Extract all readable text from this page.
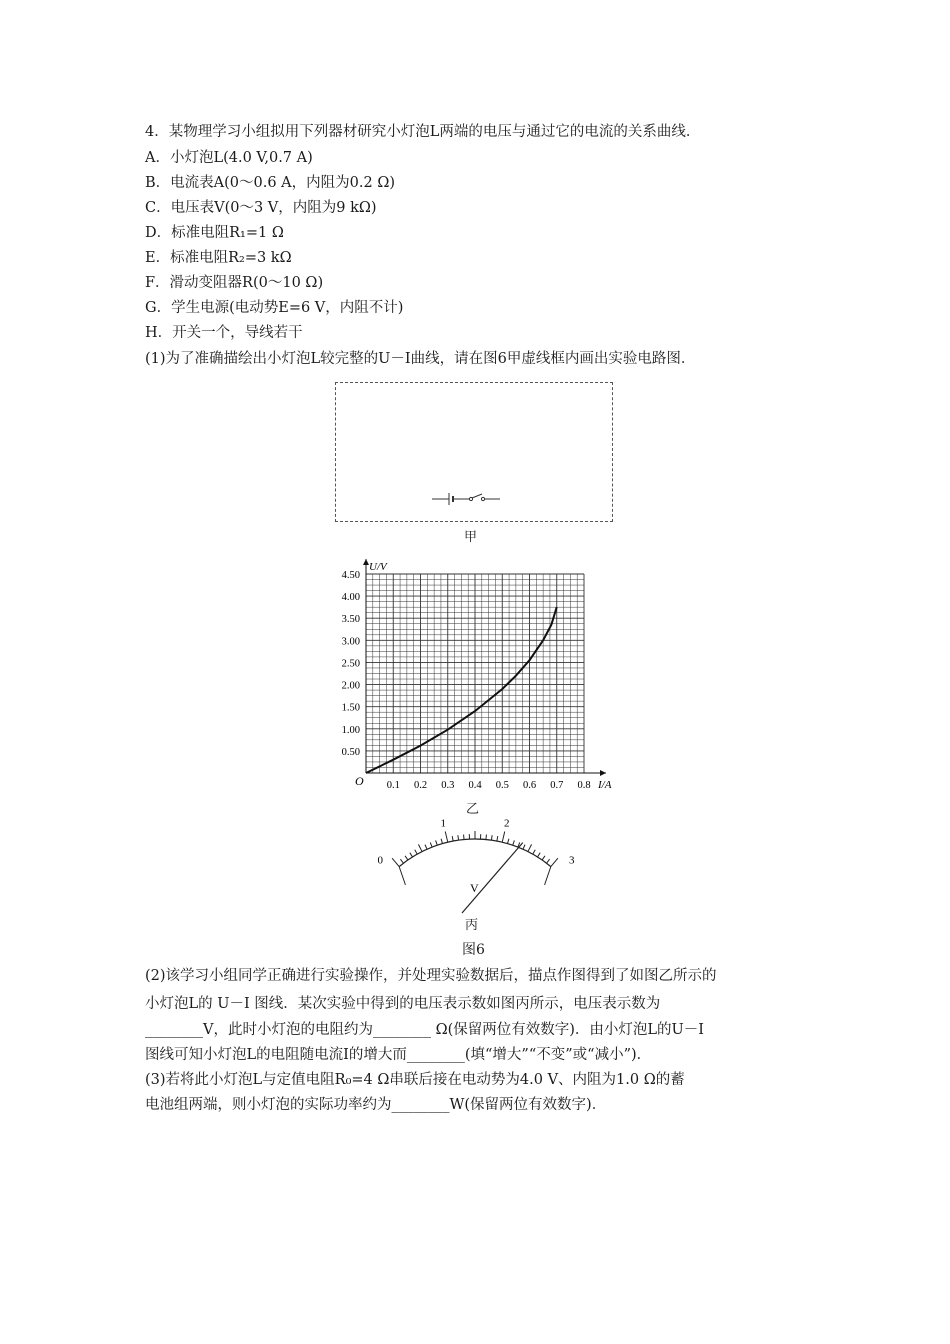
4．某物理学习小组拟用下列器材研究小灯泡L两端的电压与通过它的电流的关系曲线．
A．小灯泡L(4.0 V,0.7 A)
B．电流表A(0～0.6 A，内阻为0.2 Ω)
C．电压表V(0～3 V，内阻为9 kΩ)
D．标准电阻R₁=1 Ω
E．标准电阻R₂=3 kΩ
F．滑动变阻器R(0～10 Ω)
G．学生电源(电动势E=6 V，内阻不计)
H．开关一个，导线若干
(1)为了准确描绘出小灯泡L较完整的U－I曲线，请在图6甲虚线框内画出实验电路图．
甲
0.1 0.2 0.3 0.4 0.5 0.6 0.7 0.8
0.50
1.00
1.50
2.00
2.50
3.00
3.50
4.00
4.50
I/A
U/V
O
乙
0
1	2
3
V
丙
图6
(2)该学习小组同学正确进行实验操作，并处理实验数据后，描点作图得到了如图乙所示的
小灯泡L的 U－I 图线．某次实验中得到的电压表示数如图丙所示，电压表示数为
________V，此时小灯泡的电阻约为________ Ω(保留两位有效数字)．由小灯泡L的U－I
图线可知小灯泡L的电阻随电流I的增大而________(填“增大”“不变”或“减小”)．
(3)若将此小灯泡L与定值电阻R₀=4 Ω串联后接在电动势为4.0 V、内阻为1.0 Ω的蓄
电池组两端，则小灯泡的实际功率约为________W(保留两位有效数字)．
